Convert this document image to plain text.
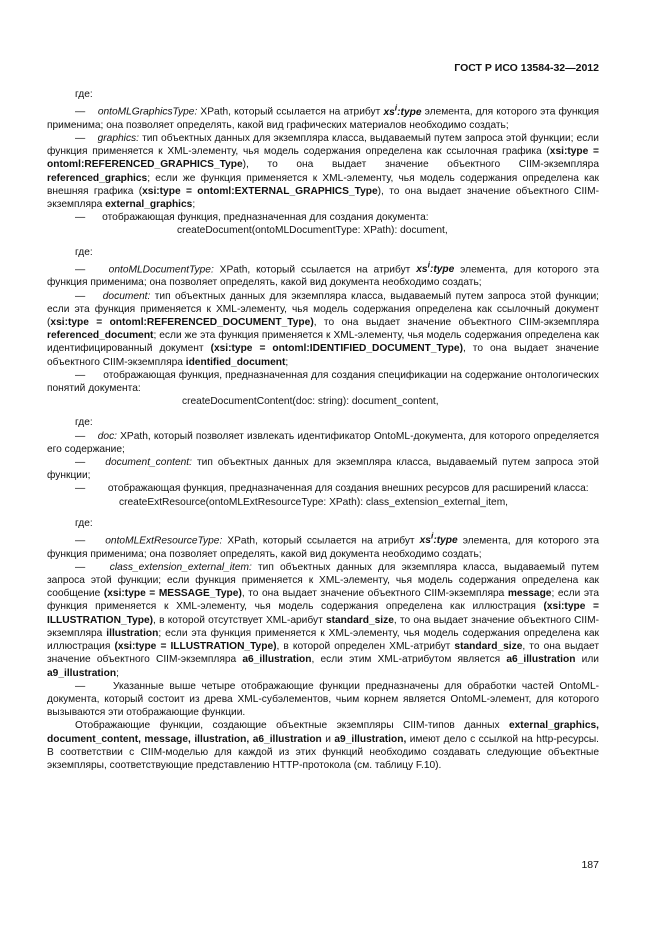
ГОСТ Р ИСО 13584-32—2012

где:

— ontoMLGraphicsType: XPath, который ссылается на атрибут $xs^i:type$ элемента, для которого эта функция применима; она позволяет определять, какой вид графических материалов необходимо создать;

— graphics: тип объектных данных для экземпляра класса, выдаваемый путем запроса этой функции; если функция применяется к XML-элементу, чья модель содержания определена как ссылочная графика (xsi:type = ontoml:REFERENCED_GRAPHICS_Type), то она выдает значение объектного CIIM-экземпляра referenced_graphics; если же функция применяется к XML-элементу, чья модель содержания определена как внешняя графика (xsi:type = ontoml:EXTERNAL_GRAPHICS_Type), то она выдает значение объектного CIIM-экземпляра external_graphics;

— отображающая функция, предназначенная для создания документа:

createDocument(ontoMLDocumentType: XPath): document,

где:

— ontoMLDocumentType: XPath, который ссылается на атрибут $xs^i:type$ элемента, для которого эта функция применима; она позволяет определять, какой вид документа необходимо создать;

— document: тип объектных данных для экземпляра класса, выдаваемый путем запроса этой функции; если эта функция применяется к XML-элементу, чья модель содержания определена как ссылочный документ (xsi:type = ontoml:REFERENCED_DOCUMENT_Type), то она выдает значение объектного CIIM-экземпляра referenced_document; если же эта функция применяется к XML-элементу, чья модель содержания определена как идентифицированный документ (xsi:type = ontoml:IDENTIFIED_DOCUMENT_Type), то она выдает значение объектного CIIM-экземпляра identified_document;

— отображающая функция, предназначенная для создания спецификации на содержание онтологических понятий документа:

createDocumentContent(doc: string): document_content,

где:

— doc: XPath, который позволяет извлекать идентификатор OntoML-документа, для которого определяется его содержание;

— document_content: тип объектных данных для экземпляра класса, выдаваемый путем запроса этой функции;

— отображающая функция, предназначенная для создания внешних ресурсов для расширений класса:

createExtResource(ontoMLExtResourceType: XPath): class_extension_external_item,

где:

— ontoMLExtResourceType: XPath, который ссылается на атрибут $xs^i:type$ элемента, для которого эта функция применима; она позволяет определять, какой вид документа необходимо создать;

— class_extension_external_item: тип объектных данных для экземпляра класса, выдаваемый путем запроса этой функции; если функция применяется к XML-элементу, чья модель содержания определена как сообщение (xsi:type = MESSAGE_Type), то она выдает значение объектного CIIM-экземпляра message; если эта функция применяется к XML-элементу, чья модель содержания определена как иллюстрация (xsi:type = ILLUSTRATION_Type), в которой отсутствует XML-арибут standard_size, то она выдает значение объектного CIIM-экземпляра illustration; если эта функция применяется к XML-элементу, чья модель содержания определена как иллюстрация (xsi:type = ILLUSTRATION_Type), в которой определен XML-атрибут standard_size, то она выдает значение объектного CIIM-экземпляра a6_illustration, если этим XML-атрибутом является a6_illustration или a9_illustration;

—	Указанные выше четыре отображающие функции предназначены для обработки частей OntoML-документа, который состоит из древа XML-субэлементов, чьим корнем является OntoML-элемент, для которого вызываются эти отображающие функции.

Отображающие функции, создающие объектные экземпляры CIIM-типов данных external_graphics, document_content, message, illustration, a6_illustration и a9_illustration, имеют дело с ссылкой на http-ресурсы. В соответствии с CIIM-моделью для каждой из этих функций необходимо создавать следующие объектные экземпляры, соответствующие представлению HTTP-протокола (см. таблицу F.10).

187
